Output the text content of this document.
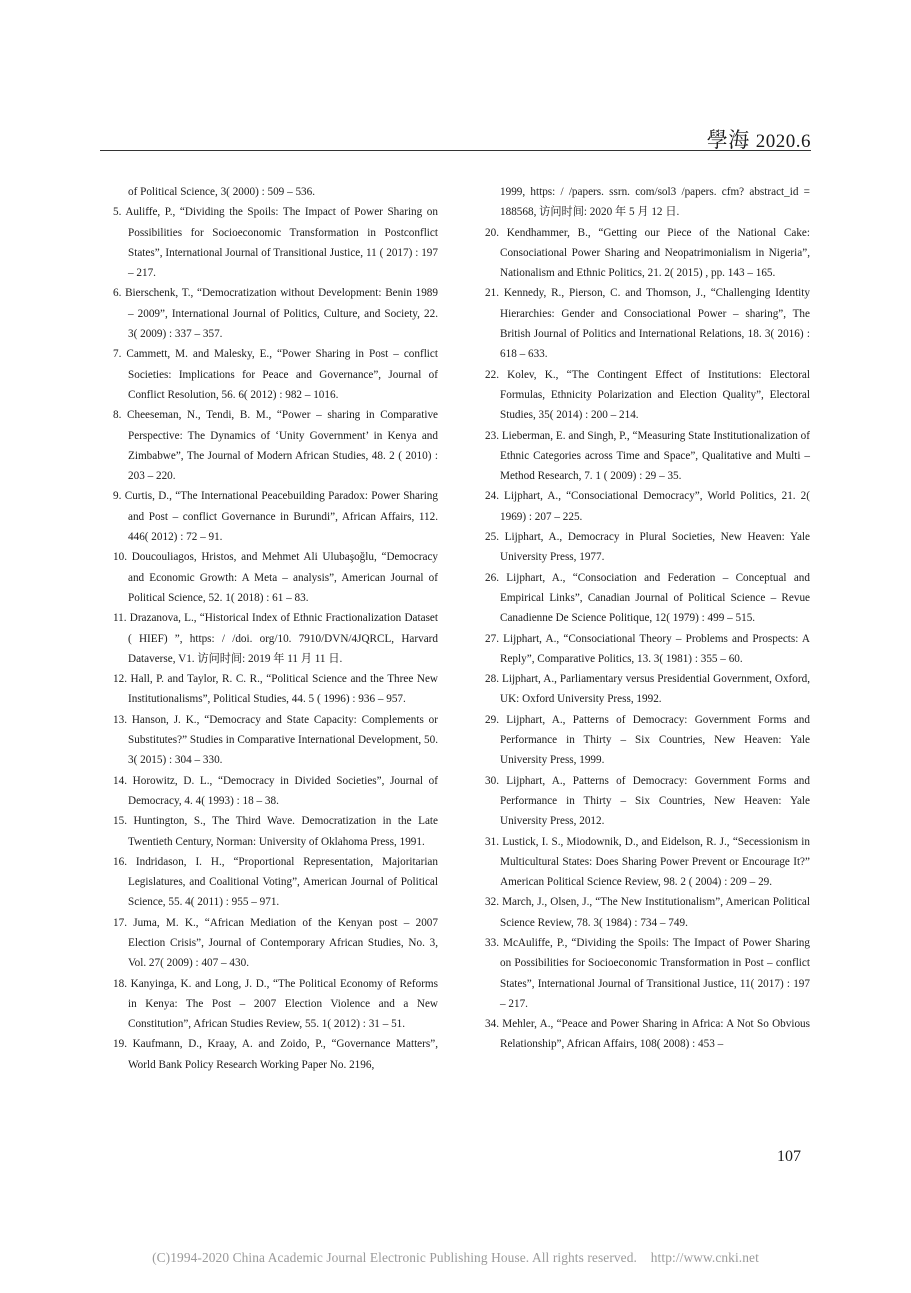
學海 2020.6

of Political Science, 3( 2000) : 509 – 536.

5. Auliffe, P., “Dividing the Spoils: The Impact of Power Sharing on Possibilities for Socioeconomic Transformation in Postconflict States”, International Journal of Transitional Justice, 11 ( 2017) : 197 – 217.

6. Bierschenk, T., “Democratization without Development: Benin 1989 – 2009”, International Journal of Politics, Culture, and Society, 22. 3( 2009) : 337 – 357.

7. Cammett, M. and Malesky, E., “Power Sharing in Post – conflict Societies: Implications for Peace and Governance”, Journal of Conflict Resolution, 56. 6( 2012) : 982 – 1016.

8. Cheeseman, N., Tendi, B. M., “Power – sharing in Comparative Perspective: The Dynamics of ‘Unity Government’ in Kenya and Zimbabwe”, The Journal of Modern African Studies, 48. 2 ( 2010) : 203 – 220.

9. Curtis, D., “The International Peacebuilding Paradox: Power Sharing and Post – conflict Governance in Burundi”, African Affairs, 112. 446( 2012) : 72 – 91.

10. Doucouliagos, Hristos, and Mehmet Ali Ulubaşoğlu, “Democracy and Economic Growth: A Meta – analysis”, American Journal of Political Science, 52. 1( 2018) : 61 – 83.

11. Drazanova, L., “Historical Index of Ethnic Fractionalization Dataset ( HIEF) ”, https: / /doi. org/10. 7910/DVN/4JQRCL, Harvard Dataverse, V1. 访问时间: 2019 年 11 月 11 日.

12. Hall, P. and Taylor, R. C. R., “Political Science and the Three New Institutionalisms”, Political Studies, 44. 5 ( 1996) : 936 – 957.

13. Hanson, J. K., “Democracy and State Capacity: Complements or Substitutes?” Studies in Comparative International Development, 50. 3( 2015) : 304 – 330.

14. Horowitz, D. L., “Democracy in Divided Societies”, Journal of Democracy, 4. 4( 1993) : 18 – 38.

15. Huntington, S., The Third Wave. Democratization in the Late Twentieth Century, Norman: University of Oklahoma Press, 1991.

16. Indridason, I. H., “Proportional Representation, Majoritarian Legislatures, and Coalitional Voting”, American Journal of Political Science, 55. 4( 2011) : 955 – 971.

17. Juma, M. K., “African Mediation of the Kenyan post – 2007 Election Crisis”, Journal of Contemporary African Studies, No. 3, Vol. 27( 2009) : 407 – 430.

18. Kanyinga, K. and Long, J. D., “The Political Economy of Reforms in Kenya: The Post – 2007 Election Violence and a New Constitution”, African Studies Review, 55. 1( 2012) : 31 – 51.

19. Kaufmann, D., Kraay, A. and Zoido, P., “Governance Matters”, World Bank Policy Research Working Paper No. 2196,

1999, https: / /papers. ssrn. com/sol3 /papers. cfm? abstract_id = 188568, 访问时间: 2020 年 5 月 12 日.

20. Kendhammer, B., “Getting our Piece of the National Cake: Consociational Power Sharing and Neopatrimonialism in Nigeria”, Nationalism and Ethnic Politics, 21. 2( 2015) , pp. 143 – 165.

21. Kennedy, R., Pierson, C. and Thomson, J., “Challenging Identity Hierarchies: Gender and Consociational Power – sharing”, The British Journal of Politics and International Relations, 18. 3( 2016) : 618 – 633.

22. Kolev, K., “The Contingent Effect of Institutions: Electoral Formulas, Ethnicity Polarization and Election Quality”, Electoral Studies, 35( 2014) : 200 – 214.

23. Lieberman, E. and Singh, P., “Measuring State Institutionalization of Ethnic Categories across Time and Space”, Qualitative and Multi – Method Research, 7. 1 ( 2009) : 29 – 35.

24. Lijphart, A., “Consociational Democracy”, World Politics, 21. 2( 1969) : 207 – 225.

25. Lijphart, A., Democracy in Plural Societies, New Heaven: Yale University Press, 1977.

26. Lijphart, A., “Consociation and Federation – Conceptual and Empirical Links”, Canadian Journal of Political Science – Revue Canadienne De Science Politique, 12( 1979) : 499 – 515.

27. Lijphart, A., “Consociational Theory – Problems and Prospects: A Reply”, Comparative Politics, 13. 3( 1981) : 355 – 60.

28. Lijphart, A., Parliamentary versus Presidential Government, Oxford, UK: Oxford University Press, 1992.

29. Lijphart, A., Patterns of Democracy: Government Forms and Performance in Thirty – Six Countries, New Heaven: Yale University Press, 1999.

30. Lijphart, A., Patterns of Democracy: Government Forms and Performance in Thirty – Six Countries, New Heaven: Yale University Press, 2012.

31. Lustick, I. S., Miodownik, D., and Eidelson, R. J., “Secessionism in Multicultural States: Does Sharing Power Prevent or Encourage It?” American Political Science Review, 98. 2 ( 2004) : 209 – 29.

32. March, J., Olsen, J., “The New Institutionalism”, American Political Science Review, 78. 3( 1984) : 734 – 749.

33. McAuliffe, P., “Dividing the Spoils: The Impact of Power Sharing on Possibilities for Socioeconomic Transformation in Post – conflict States”, International Journal of Transitional Justice, 11( 2017) : 197 – 217.

34. Mehler, A., “Peace and Power Sharing in Africa: A Not So Obvious Relationship”, African Affairs, 108( 2008) : 453 –

107
(C)1994-2020 China Academic Journal Electronic Publishing House. All rights reserved.    http://www.cnki.net
